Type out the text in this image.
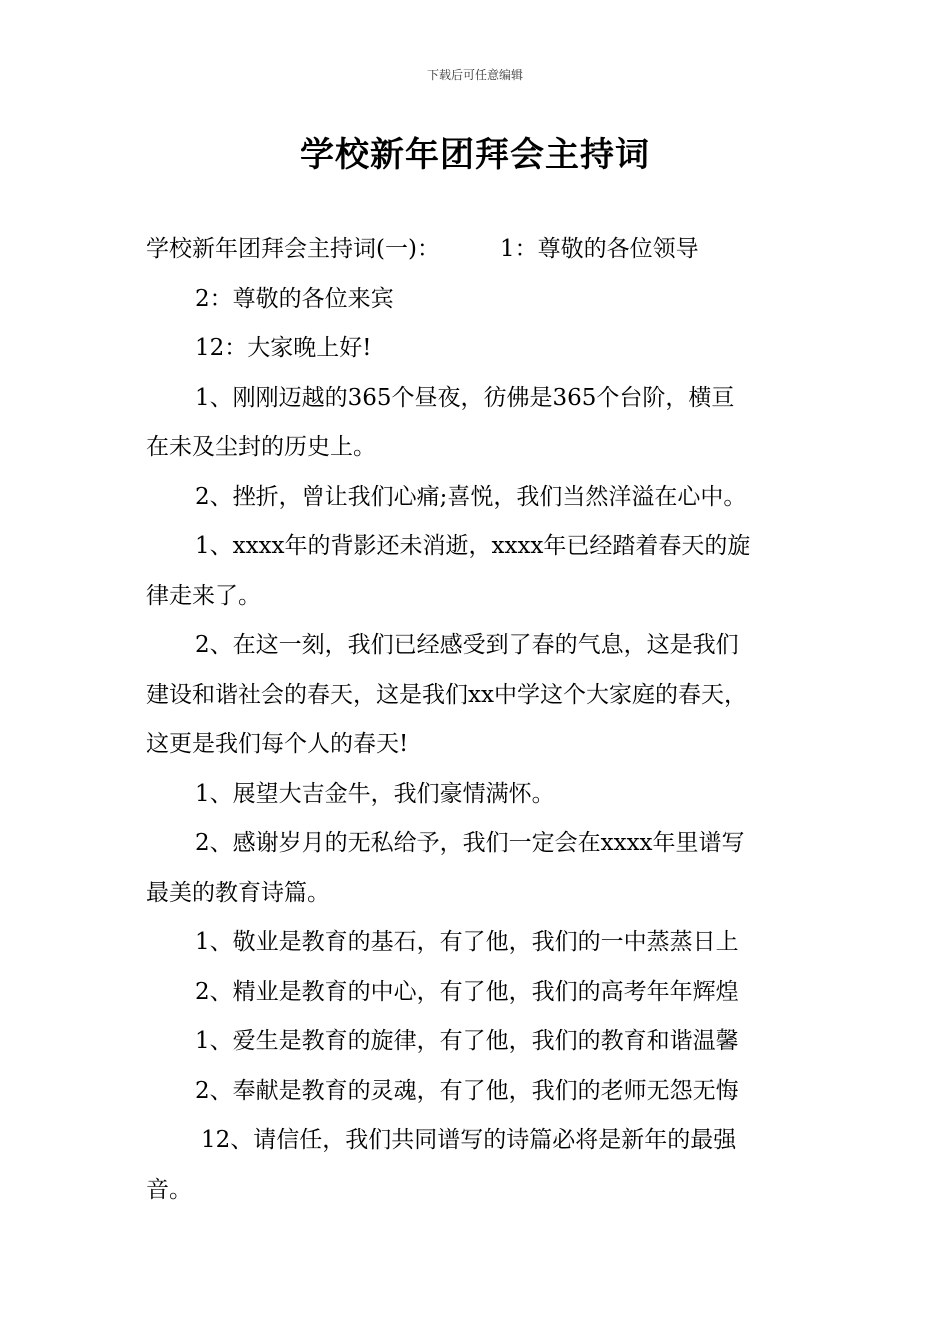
下载后可任意编辑
学校新年团拜会主持词
学校新年团拜会主持词(一)：	1：尊敬的各位领导
2：尊敬的各位来宾
12：大家晚上好!
1、刚刚迈越的365个昼夜，彷佛是365个台阶，横亘
在未及尘封的历史上。
2、挫折，曾让我们心痛;喜悦，我们当然洋溢在心中。
1、xxxx年的背影还未消逝，xxxx年已经踏着春天的旋
律走来了。
2、在这一刻，我们已经感受到了春的气息，这是我们
建设和谐社会的春天，这是我们xx中学这个大家庭的春天，
这更是我们每个人的春天!
1、展望大吉金牛，我们豪情满怀。
2、感谢岁月的无私给予，我们一定会在xxxx年里谱写
最美的教育诗篇。
1、敬业是教育的基石，有了他，我们的一中蒸蒸日上
2、精业是教育的中心，有了他，我们的高考年年辉煌
1、爱生是教育的旋律，有了他，我们的教育和谐温馨
2、奉献是教育的灵魂，有了他，我们的老师无怨无悔
12、请信任，我们共同谱写的诗篇必将是新年的最强
音。
